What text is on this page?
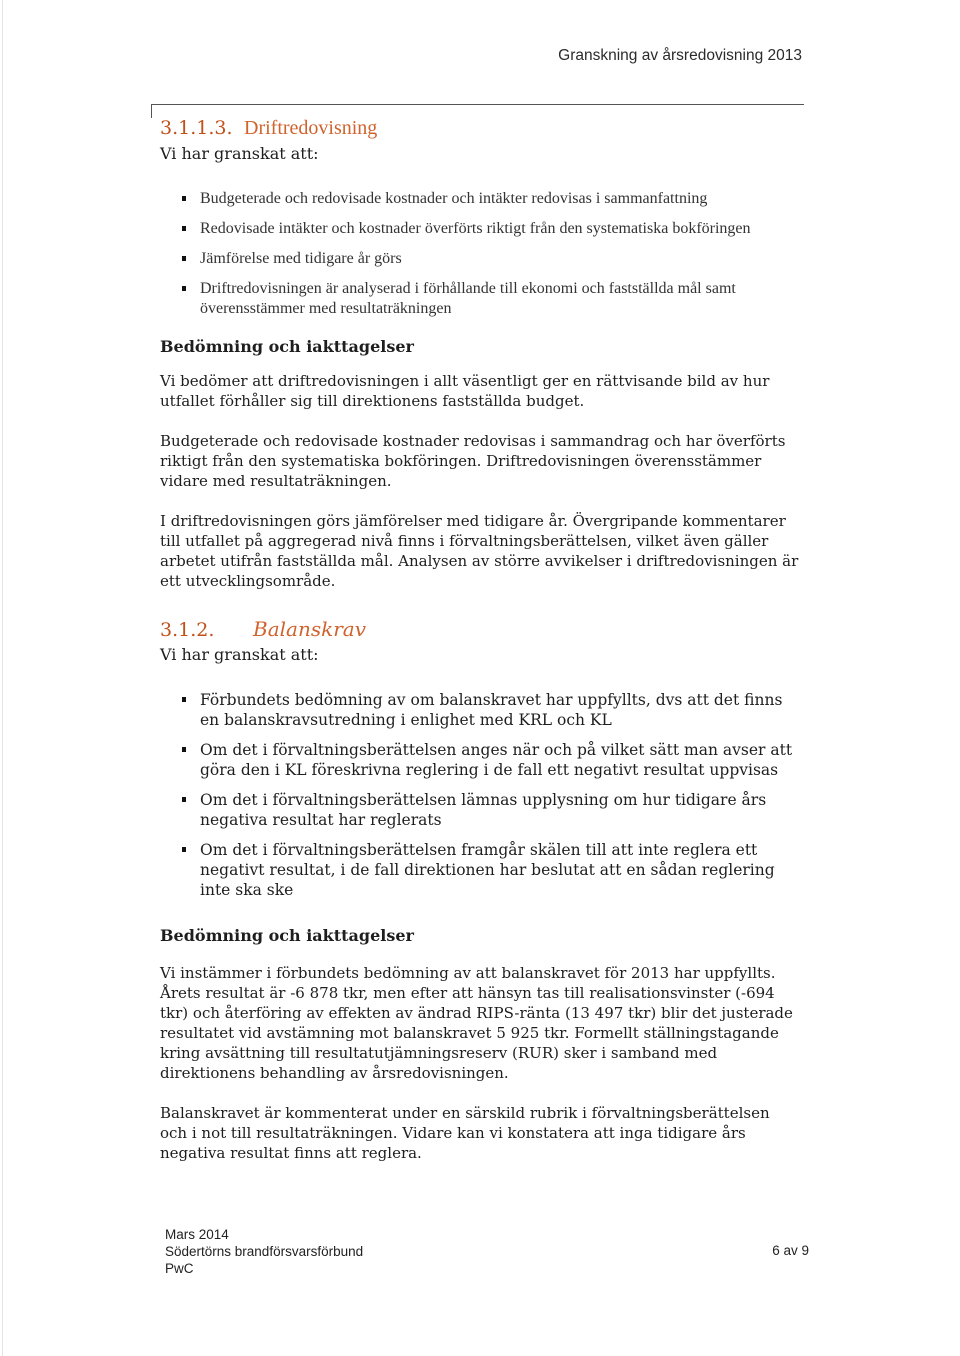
Granskning av årsredovisning 2013
3.1.1.3. Driftredovisning

Vi har granskat att:

Budgeterade och redovisade kostnader och intäkter redovisas i sammanfattning
Redovisade intäkter och kostnader överförts riktigt från den systematiska bokföringen
Jämförelse med tidigare år görs
Driftredovisningen är analyserad i förhållande till ekonomi och fastställda mål samt överensstämmer med resultaträkningen

Bedömning och iakttagelser

Vi bedömer att driftredovisningen i allt väsentligt ger en rättvisande bild av hur utfallet förhåller sig till direktionens fastställda budget.

Budgeterade och redovisade kostnader redovisas i sammandrag och har överförts riktigt från den systematiska bokföringen. Driftredovisningen överensstämmer vidare med resultaträkningen.

I driftredovisningen görs jämförelser med tidigare år. Övergripande kommentarer till utfallet på aggregerad nivå finns i förvaltningsberättelsen, vilket även gäller arbetet utifrån fastställda mål. Analysen av större avvikelser i driftredovisningen är ett utvecklingsområde.

3.1.2.	Balanskrav

Vi har granskat att:

Förbundets bedömning av om balanskravet har uppfyllts, dvs att det finns en balanskravsutredning i enlighet med KRL och KL
Om det i förvaltningsberättelsen anges när och på vilket sätt man avser att göra den i KL föreskrivna reglering i de fall ett negativt resultat uppvisas
Om det i förvaltningsberättelsen lämnas upplysning om hur tidigare års negativa resultat har reglerats
Om det i förvaltningsberättelsen framgår skälen till att inte reglera ett negativt resultat, i de fall direktionen har beslutat att en sådan reglering inte ska ske

Bedömning och iakttagelser

Vi instämmer i förbundets bedömning av att balanskravet för 2013 har uppfyllts. Årets resultat är -6 878 tkr, men efter att hänsyn tas till realisationsvinster (-694 tkr) och återföring av effekten av ändrad RIPS-ränta (13 497 tkr) blir det justerade resultatet vid avstämning mot balanskravet 5 925 tkr. Formellt ställningstagande kring avsättning till resultatutjämningsreserv (RUR) sker i samband med direktionens behandling av årsredovisningen.

Balanskravet är kommenterat under en särskild rubrik i förvaltningsberättelsen och i not till resultaträkningen. Vidare kan vi konstatera att inga tidigare års negativa resultat finns att reglera.

Mars 2014
Södertörns brandförsvarsförbund
PwC
6 av 9
